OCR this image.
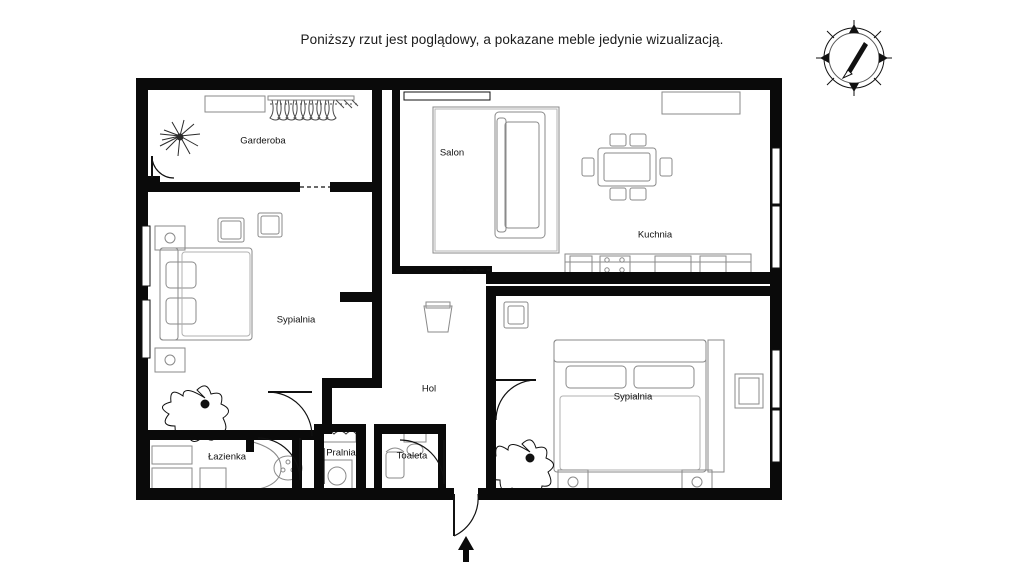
Poniższy rzut jest poglądowy, a pokazane meble jedynie wizualizacją.
Garderoba
Salon
Kuchnia
Sypialnia
Hol
Sypialnia
Łazienka	Pralnia	Toaleta
